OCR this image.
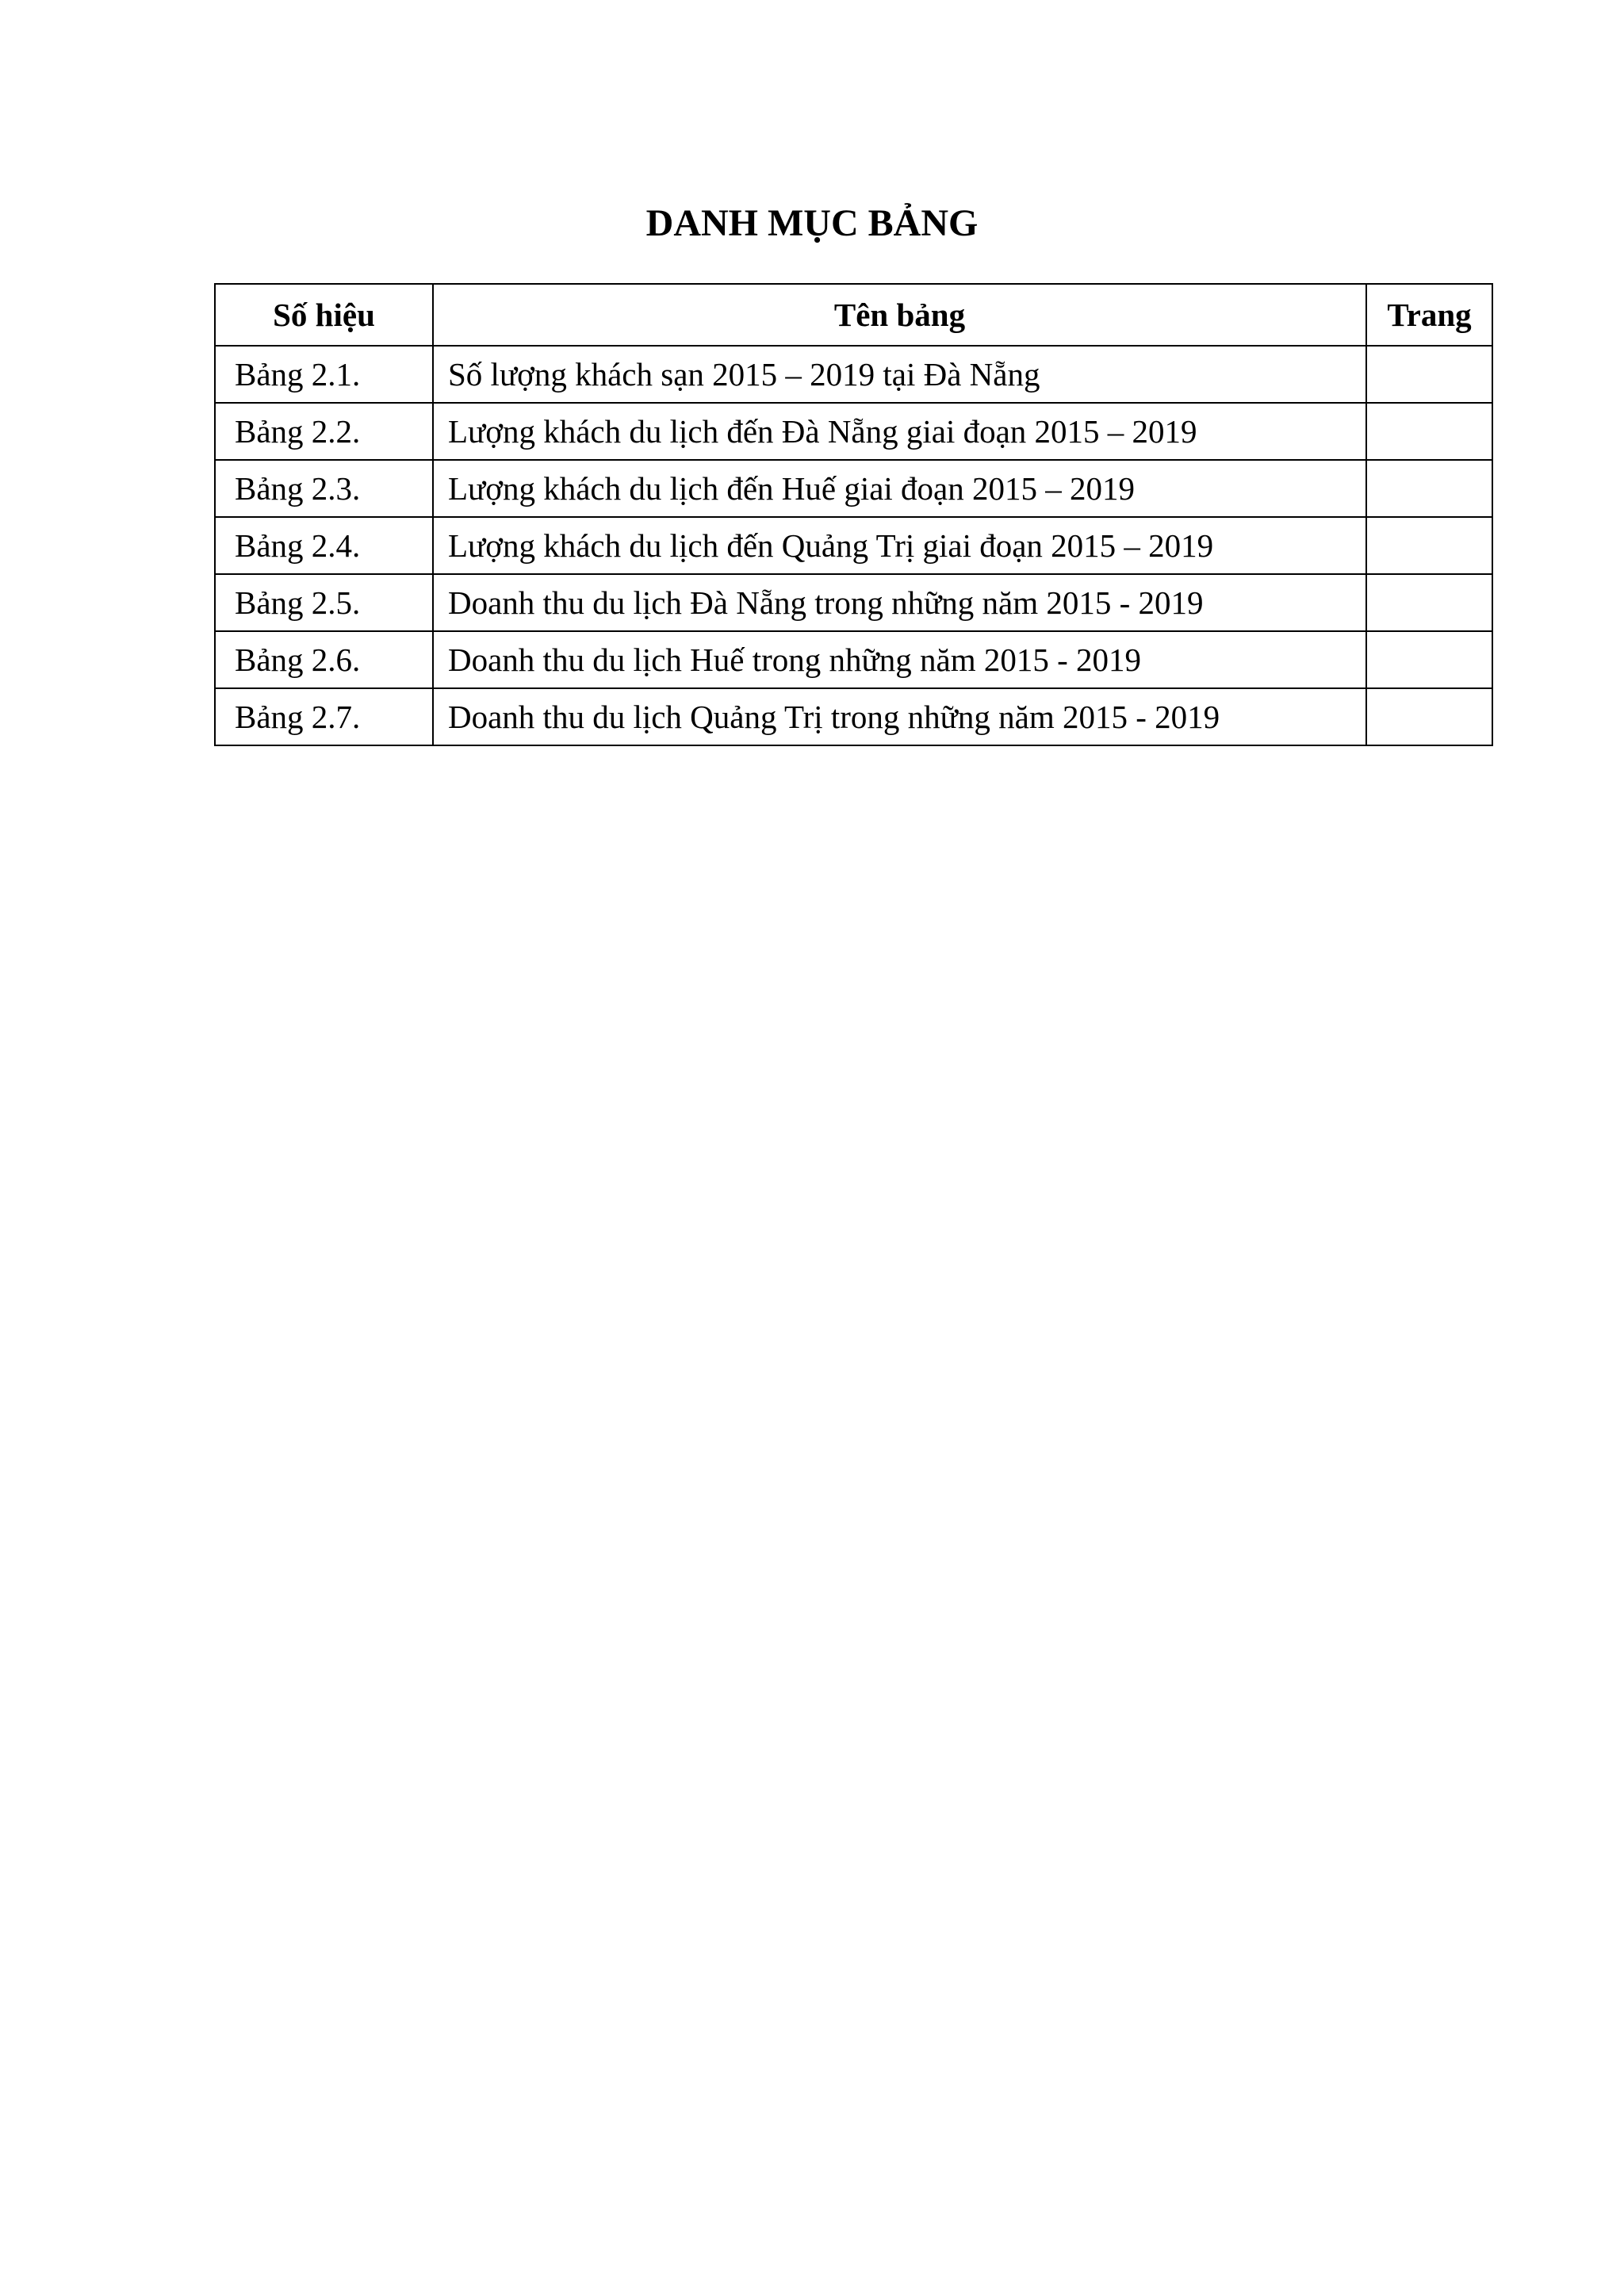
DANH MỤC BẢNG
Số hiệu	Tên bảng	Trang
Bảng 2.1.	Số lượng khách sạn 2015 – 2019 tại Đà Nẵng	
Bảng 2.2.	Lượng khách du lịch đến Đà Nẵng giai đoạn 2015 – 2019	
Bảng 2.3.	Lượng khách du lịch đến Huế giai đoạn 2015 – 2019	
Bảng 2.4.	Lượng khách du lịch đến Quảng Trị giai đoạn 2015 – 2019	
Bảng 2.5.	Doanh thu du lịch Đà Nẵng trong những năm 2015 - 2019	
Bảng 2.6.	Doanh thu du lịch Huế trong những năm 2015 - 2019	
Bảng 2.7.	Doanh thu du lịch Quảng Trị trong những năm 2015 - 2019	
